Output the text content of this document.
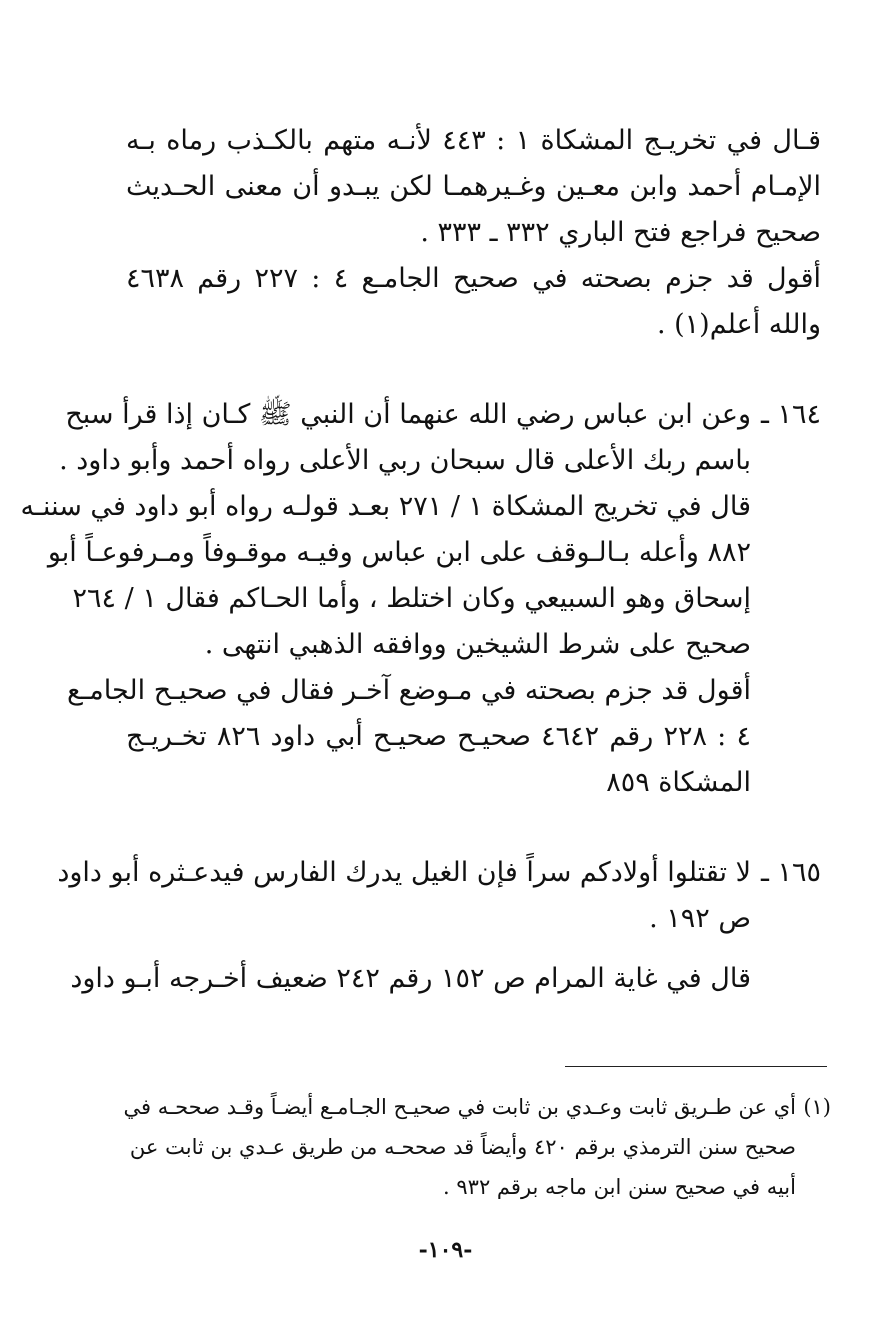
قـال في تخريـج المشكاة ١ : ٤٤٣ لأنـه متهم بالكـذب رماه بـه
الإمـام أحمد وابن معـين وغـيرهمـا لكن يبـدو أن معنى الحـديث
صحيح فراجع فتح الباري ٣٣٢ ـ ٣٣٣ .
أقول قد جزم بصحته في صحيح الجامـع ٤ : ٢٢٧ رقم ٤٦٣٨
والله أعلم(١) .
١٦٤ ـ
وعن ابن عباس رضي الله عنهما أن النبي ﷺ كـان إذا قرأ سبح
باسم ربك الأعلى قال سبحان ربي الأعلى رواه أحمد وأبو داود .
قال في تخريج المشكاة ١ / ٢٧١ بعـد قولـه رواه أبو داود في سننـه
٨٨٢ وأعله بـالـوقف على ابن عباس وفيـه موقـوفاً ومـرفوعـاً أبو
إسحاق وهو السبيعي وكان اختلط ، وأما الحـاكم فقال ١ / ٢٦٤
صحيح على شرط الشيخين ووافقه الذهبي انتهى .
أقول قد جزم بصحته في مـوضع آخـر فقال في صحيـح الجامـع
٤ : ٢٢٨ رقم ٤٦٤٢ صحيـح صحيـح أبي داود ٨٢٦ تخـريـج
المشكاة ٨٥٩
١٦٥ ـ
لا تقتلوا أولادكم سراً فإن الغيل يدرك الفارس فيدعـثره أبو داود
ص ١٩٢ .
قال في غاية المرام ص ١٥٢ رقم ٢٤٢ ضعيف أخـرجه أبـو داود
(١)
أي عن طـريق ثابت وعـدي بن ثابت في صحيـح الجـامـع أيضـاً وقـد صححـه في
صحيح سنن الترمذي برقم ٤٢٠ وأيضاً قد صححـه من طريق عـدي بن ثابت عن
أبيه في صحيح سنن ابن ماجه برقم ٩٣٢ .
-١٠٩-
